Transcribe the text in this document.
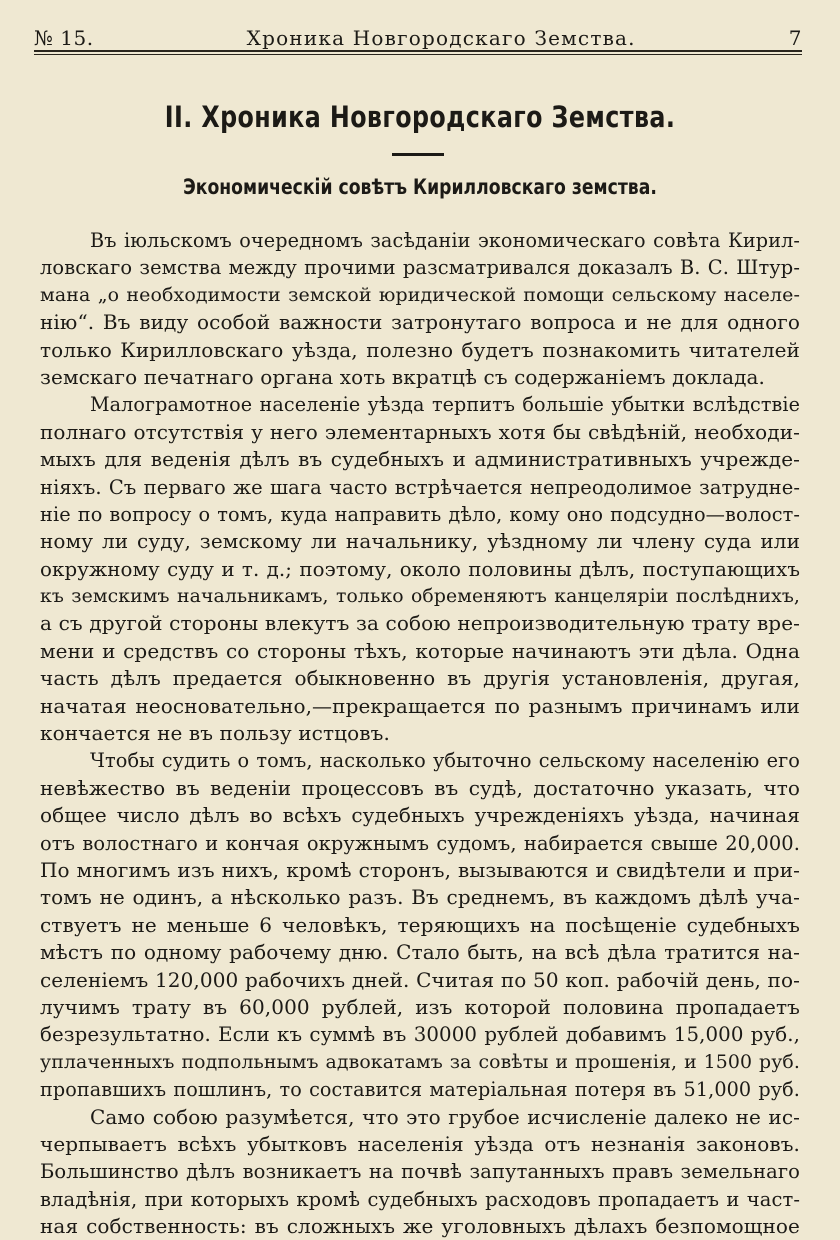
№ 15.	Хроника Новгородскаго Земства.	7
II. Хроника Новгородскаго Земства.
Экономическій совѣтъ Кирилловскаго земства.
Въ іюльскомъ очередномъ засѣданіи экономическаго совѣта Кирил-
ловскаго земства между прочими разсматривался доказалъ В. С. Штур-
мана „о необходимости земской юридической помощи сельскому населе-
нію“. Въ виду особой важности затронутаго вопроса и не для одного
только Кирилловскаго уѣзда, полезно будетъ познакомить читателей
земскаго печатнаго органа хоть вкратцѣ съ содержаніемъ доклада.
Малограмотное населеніе уѣзда терпитъ большіе убытки вслѣдствіе
полнаго отсутствія у него элементарныхъ хотя бы свѣдѣній, необходи-
мыхъ для веденія дѣлъ въ судебныхъ и административныхъ учрежде-
ніяхъ. Съ перваго же шага часто встрѣчается непреодолимое затрудне-
ніе по вопросу о томъ, куда направить дѣло, кому оно подсудно—волост-
ному ли суду, земскому ли начальнику, уѣздному ли члену суда или
окружному суду и т. д.; поэтому, около половины дѣлъ, поступающихъ
къ земскимъ начальникамъ, только обременяютъ канцеляріи послѣднихъ,
а съ другой стороны влекутъ за собою непроизводительную трату вре-
мени и средствъ со стороны тѣхъ, которые начинаютъ эти дѣла. Одна
часть дѣлъ предается обыкновенно въ другія установленія, другая,
начатая неосновательно,—прекращается по разнымъ причинамъ или
кончается не въ пользу истцовъ.
Чтобы судить о томъ, насколько убыточно сельскому населенію его
невѣжество въ веденіи процессовъ въ судѣ, достаточно указать, что
общее число дѣлъ во всѣхъ судебныхъ учрежденіяхъ уѣзда, начиная
отъ волостнаго и кончая окружнымъ судомъ, набирается свыше 20,000.
По многимъ изъ нихъ, кромѣ сторонъ, вызываются и свидѣтели и при-
томъ не одинъ, а нѣсколько разъ. Въ среднемъ, въ каждомъ дѣлѣ уча-
ствуетъ не меньше 6 человѣкъ, теряющихъ на посѣщеніе судебныхъ
мѣстъ по одному рабочему дню. Стало быть, на всѣ дѣла тратится на-
селеніемъ 120,000 рабочихъ дней. Считая по 50 коп. рабочій день, по-
лучимъ трату въ 60,000 рублей, изъ которой половина пропадаетъ
безрезультатно. Если къ суммѣ въ 30000 рублей добавимъ 15,000 руб.,
уплаченныхъ подпольнымъ адвокатамъ за совѣты и прошенія, и 1500 руб.
пропавшихъ пошлинъ, то составится матеріальная потеря въ 51,000 руб.
Само собою разумѣется, что это грубое исчисленіе далеко не ис-
черпываетъ всѣхъ убытковъ населенія уѣзда отъ незнанія законовъ.
Большинство дѣлъ возникаетъ на почвѣ запутанныхъ правъ земельнаго
владѣнія, при которыхъ кромѣ судебныхъ расходовъ пропадаетъ и част-
ная собственность: въ сложныхъ же уголовныхъ дѣлахъ безпомощное
